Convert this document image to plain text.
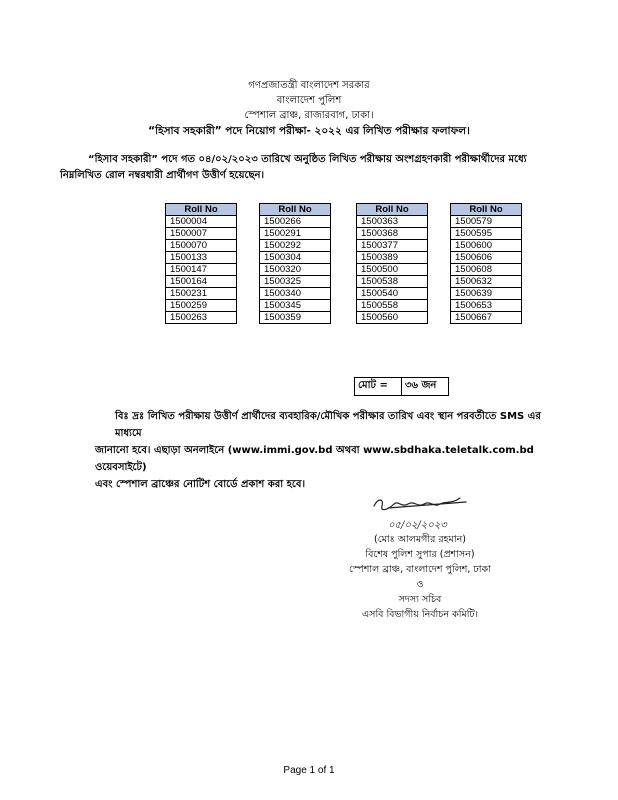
গণপ্রজাতন্ত্রী বাংলাদেশ সরকার
বাংলাদেশ পুলিশ
স্পেশাল ব্রাঞ্চ, রাজারবাগ, ঢাকা।
“হিসাব সহকারী” পদে নিয়োগ পরীক্ষা- ২০২২ এর লিখিত পরীক্ষার ফলাফল।
“হিসাব সহকারী” পদে গত ০৪/০২/২০২৩ তারিখে অনুষ্ঠিত লিখিত পরীক্ষায় অংশগ্রহণকারী পরীক্ষার্থীদের মধ্যে
নিম্নলিখিত রোল নম্বরধারী প্রার্থীগণ উত্তীর্ণ হয়েছেন।
Roll No
1500004
1500007
1500070
1500133
1500147
1500164
1500231
1500259
1500263
Roll No
1500266
1500291
1500292
1500304
1500320
1500325
1500340
1500345
1500359
Roll No
1500363
1500368
1500377
1500389
1500500
1500538
1500540
1500558
1500560
Roll No
1500579
1500595
1500600
1500606
1500608
1500632
1500639
1500653
1500667
মোট =	৩৬ জন
বিঃ দ্রঃ লিখিত পরীক্ষায় উত্তীর্ণ প্রার্থীদের ব্যবহারিক/মৌখিক পরীক্ষার তারিখ এবং স্থান পরবর্তীতে SMS এর মাধ্যমে
জানানো হবে। এছাড়া অনলাইনে (www.immi.gov.bd অথবা www.sbdhaka.teletalk.com.bd ওয়েবসাইটে)
এবং স্পেশাল ব্রাঞ্চের নোটিশ বোর্ডে প্রকাশ করা হবে।
০৫/০২/২০২৩
(মোঃ আলমগীর রহমান)
বিশেষ পুলিশ সুপার (প্রশাসন)
স্পেশাল ব্রাঞ্চ, বাংলাদেশ পুলিশ, ঢাকা
ও
সদস্য সচিব
এসবি বিভাগীয় নির্বাচন কমিটি।
Page 1 of 1
